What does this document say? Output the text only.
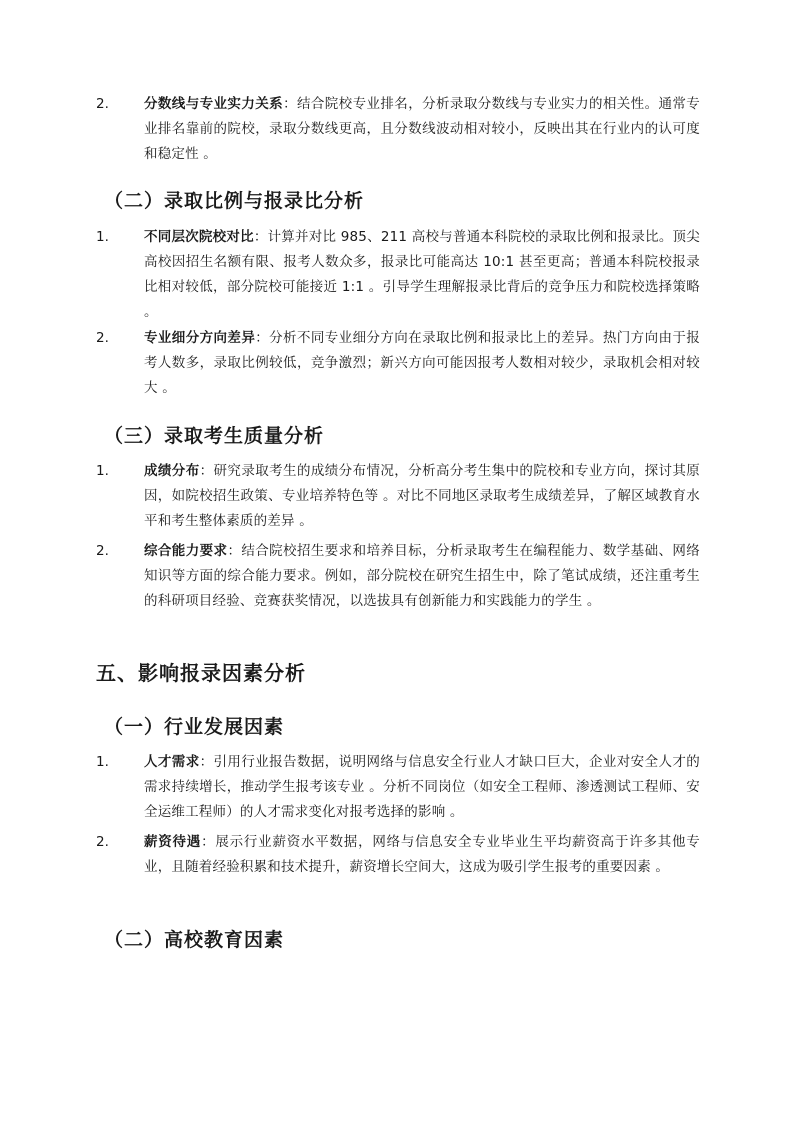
2.	分数线与专业实力关系：结合院校专业排名，分析录取分数线与专业实力的相关性。通常专业排名靠前的院校，录取分数线更高，且分数线波动相对较小，反映出其在行业内的认可度和稳定性 。
（二）录取比例与报录比分析
1.	不同层次院校对比：计算并对比 985、211 高校与普通本科院校的录取比例和报录比。顶尖高校因招生名额有限、报考人数众多，报录比可能高达 10:1 甚至更高；普通本科院校报录比相对较低，部分院校可能接近 1:1 。引导学生理解报录比背后的竞争压力和院校选择策略 。
2.	专业细分方向差异：分析不同专业细分方向在录取比例和报录比上的差异。热门方向由于报考人数多，录取比例较低，竞争激烈；新兴方向可能因报考人数相对较少，录取机会相对较大 。
（三）录取考生质量分析
1.	成绩分布：研究录取考生的成绩分布情况，分析高分考生集中的院校和专业方向，探讨其原因，如院校招生政策、专业培养特色等 。对比不同地区录取考生成绩差异，了解区域教育水平和考生整体素质的差异 。
2.	综合能力要求：结合院校招生要求和培养目标，分析录取考生在编程能力、数学基础、网络知识等方面的综合能力要求。例如，部分院校在研究生招生中，除了笔试成绩，还注重考生的科研项目经验、竞赛获奖情况，以选拔具有创新能力和实践能力的学生 。
五、影响报录因素分析
（一）行业发展因素
1.	人才需求：引用行业报告数据，说明网络与信息安全行业人才缺口巨大，企业对安全人才的需求持续增长，推动学生报考该专业 。分析不同岗位（如安全工程师、渗透测试工程师、安全运维工程师）的人才需求变化对报考选择的影响 。
2.	薪资待遇：展示行业薪资水平数据，网络与信息安全专业毕业生平均薪资高于许多其他专业，且随着经验积累和技术提升，薪资增长空间大，这成为吸引学生报考的重要因素 。
（二）高校教育因素
